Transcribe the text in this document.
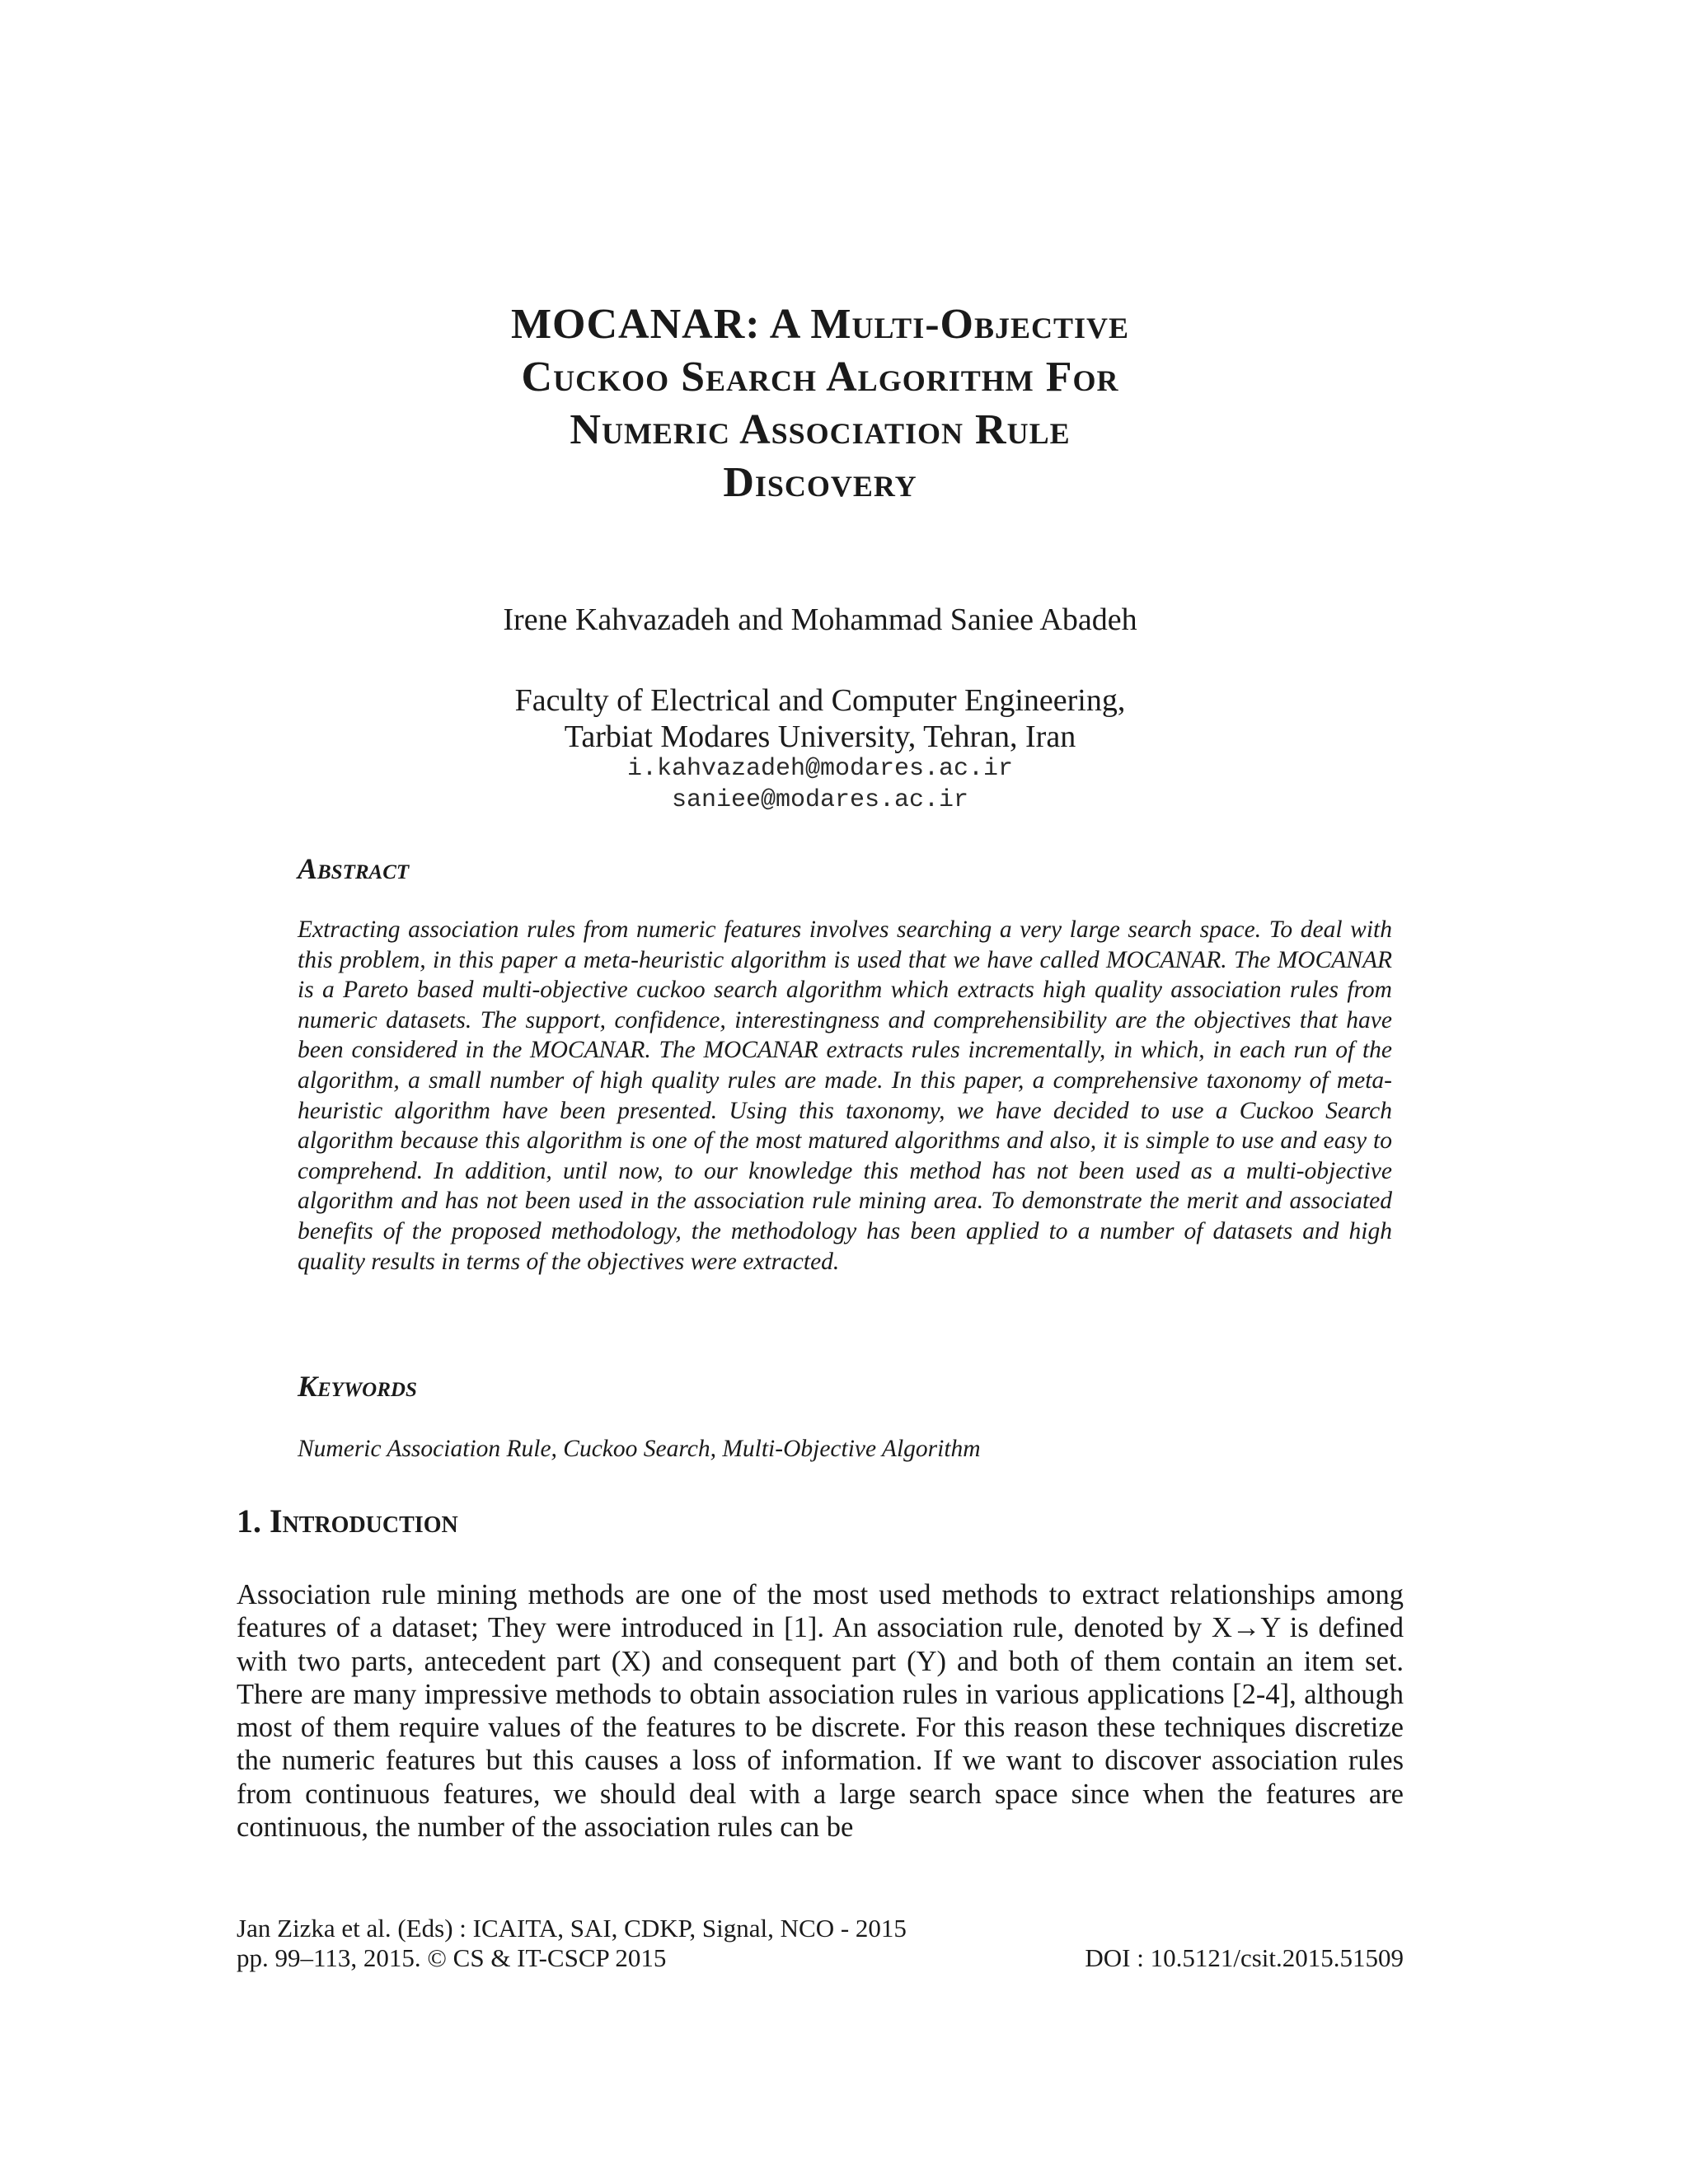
MOCANAR: A Multi-Objective
Cuckoo Search Algorithm For
Numeric Association Rule
Discovery
Irene Kahvazadeh and Mohammad Saniee Abadeh
Faculty of Electrical and Computer Engineering,
Tarbiat Modares University, Tehran, Iran
i.kahvazadeh@modares.ac.ir
saniee@modares.ac.ir
Abstract

Extracting association rules from numeric features involves searching a very large search space. To deal with this problem, in this paper a meta-heuristic algorithm is used that we have called MOCANAR. The MOCANAR is a Pareto based multi-objective cuckoo search algorithm which extracts high quality association rules from numeric datasets. The support, confidence, interestingness and comprehensibility are the objectives that have been considered in the MOCANAR. The MOCANAR extracts rules incrementally, in which, in each run of the algorithm, a small number of high quality rules are made. In this paper, a comprehensive taxonomy of meta-heuristic algorithm have been presented. Using this taxonomy, we have decided to use a Cuckoo Search algorithm because this algorithm is one of the most matured algorithms and also, it is simple to use and easy to comprehend. In addition, until now, to our knowledge this method has not been used as a multi-objective algorithm and has not been used in the association rule mining area. To demonstrate the merit and associated benefits of the proposed methodology, the methodology has been applied to a number of datasets and high quality results in terms of the objectives were extracted.

Keywords

Numeric Association Rule, Cuckoo Search, Multi-Objective Algorithm

1. Introduction

Association rule mining methods are one of the most used methods to extract relationships among features of a dataset; They were introduced in [1]. An association rule, denoted by X→Y is defined with two parts, antecedent part (X) and consequent part (Y) and both of them contain an item set. There are many impressive methods to obtain association rules in various applications [2-4], although most of them require values of the features to be discrete. For this reason these techniques discretize the numeric features but this causes a loss of information. If we want to discover association rules from continuous features, we should deal with a large search space since when the features are continuous, the number of the association rules can be

Jan Zizka et al. (Eds) : ICAITA, SAI, CDKP, Signal, NCO - 2015
pp. 99–113, 2015. © CS & IT-CSCP 2015	DOI : 10.5121/csit.2015.51509
